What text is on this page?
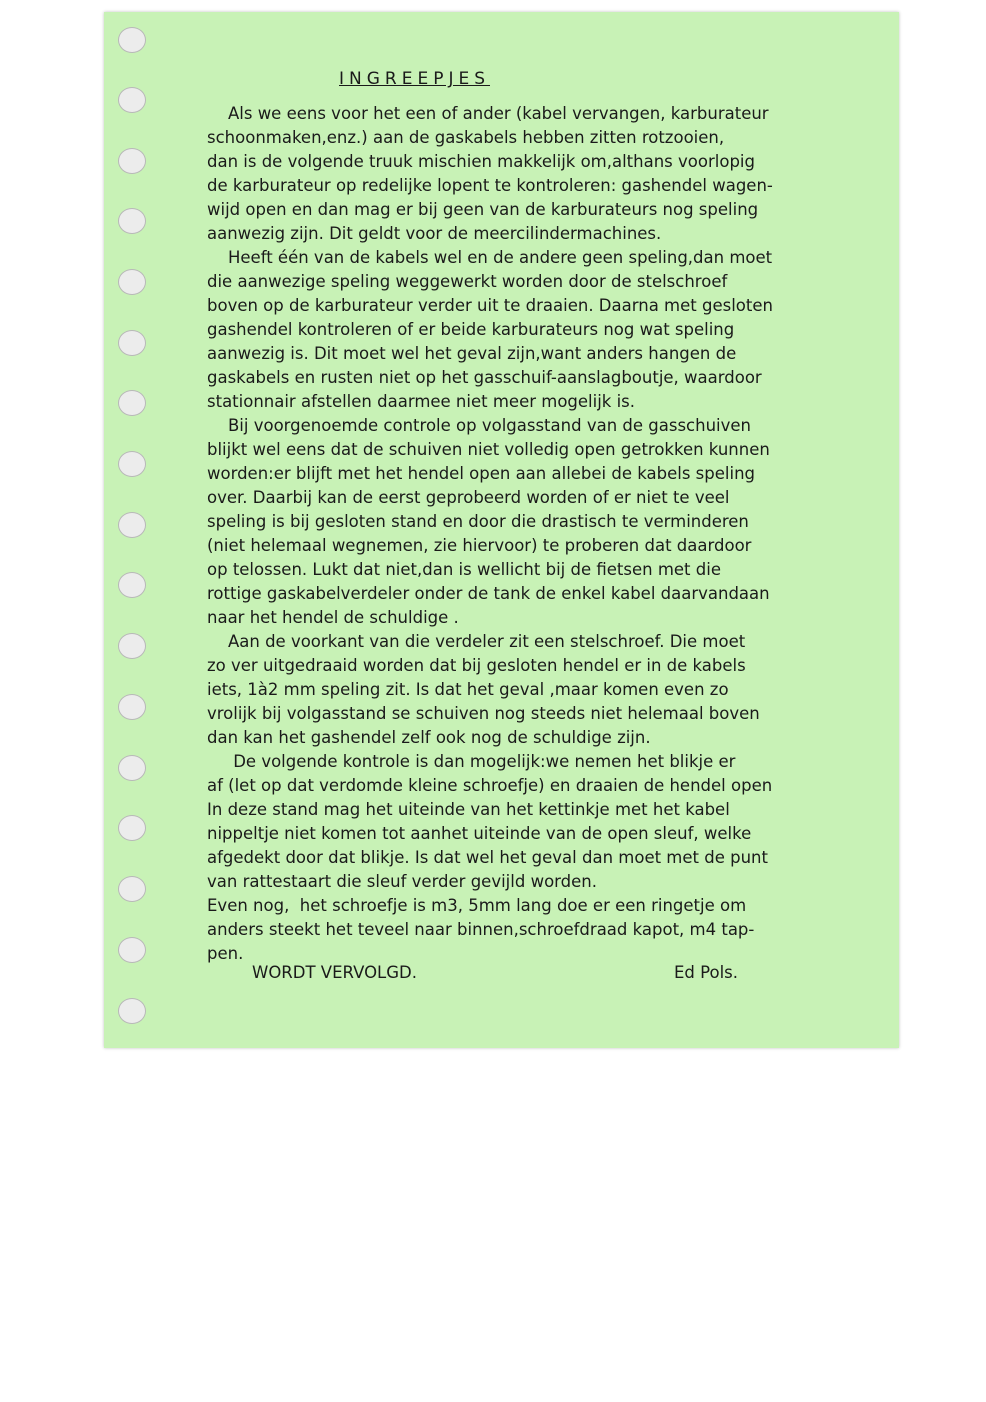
INGREEPJES
Als we eens voor het een of ander (kabel vervangen, karburateur
schoonmaken,enz.) aan de gaskabels hebben zitten rotzooien,
dan is de volgende truuk mischien makkelijk om,althans voorlopig
de karburateur op redelijke lopent te kontroleren: gashendel wagen-
wijd open en dan mag er bij geen van de karburateurs nog speling
aanwezig zijn. Dit geldt voor de meercilindermachines.
Heeft één van de kabels wel en de andere geen speling,dan moet
die aanwezige speling weggewerkt worden door de stelschroef
boven op de karburateur verder uit te draaien. Daarna met gesloten
gashendel kontroleren of er beide karburateurs nog wat speling
aanwezig is. Dit moet wel het geval zijn,want anders hangen de
gaskabels en rusten niet op het gasschuif-aanslagboutje, waardoor
stationnair afstellen daarmee niet meer mogelijk is.
Bij voorgenoemde controle op volgasstand van de gasschuiven
blijkt wel eens dat de schuiven niet volledig open getrokken kunnen
worden:er blijft met het hendel open aan allebei de kabels speling
over. Daarbij kan de eerst geprobeerd worden of er niet te veel
speling is bij gesloten stand en door die drastisch te verminderen
(niet helemaal wegnemen, zie hiervoor) te proberen dat daardoor
op telossen. Lukt dat niet,dan is wellicht bij de fietsen met die
rottige gaskabelverdeler onder de tank de enkel kabel daarvandaan
naar het hendel de schuldige .
Aan de voorkant van die verdeler zit een stelschroef. Die moet
zo ver uitgedraaid worden dat bij gesloten hendel er in de kabels
iets, 1à2 mm speling zit. Is dat het geval ,maar komen even zo
vrolijk bij volgasstand se schuiven nog steeds niet helemaal boven
dan kan het gashendel zelf ook nog de schuldige zijn.
De volgende kontrole is dan mogelijk:we nemen het blikje er
af (let op dat verdomde kleine schroefje) en draaien de hendel open
In deze stand mag het uiteinde van het kettinkje met het kabel
nippeltje niet komen tot aanhet uiteinde van de open sleuf, welke
afgedekt door dat blikje. Is dat wel het geval dan moet met de punt
van rattestaart die sleuf verder gevijld worden.
Even nog,  het schroefje is m3, 5mm lang doe er een ringetje om
anders steekt het teveel naar binnen,schroefdraad kapot, m4 tap-
pen.
WORDT VERVOLGD.	Ed Pols.
